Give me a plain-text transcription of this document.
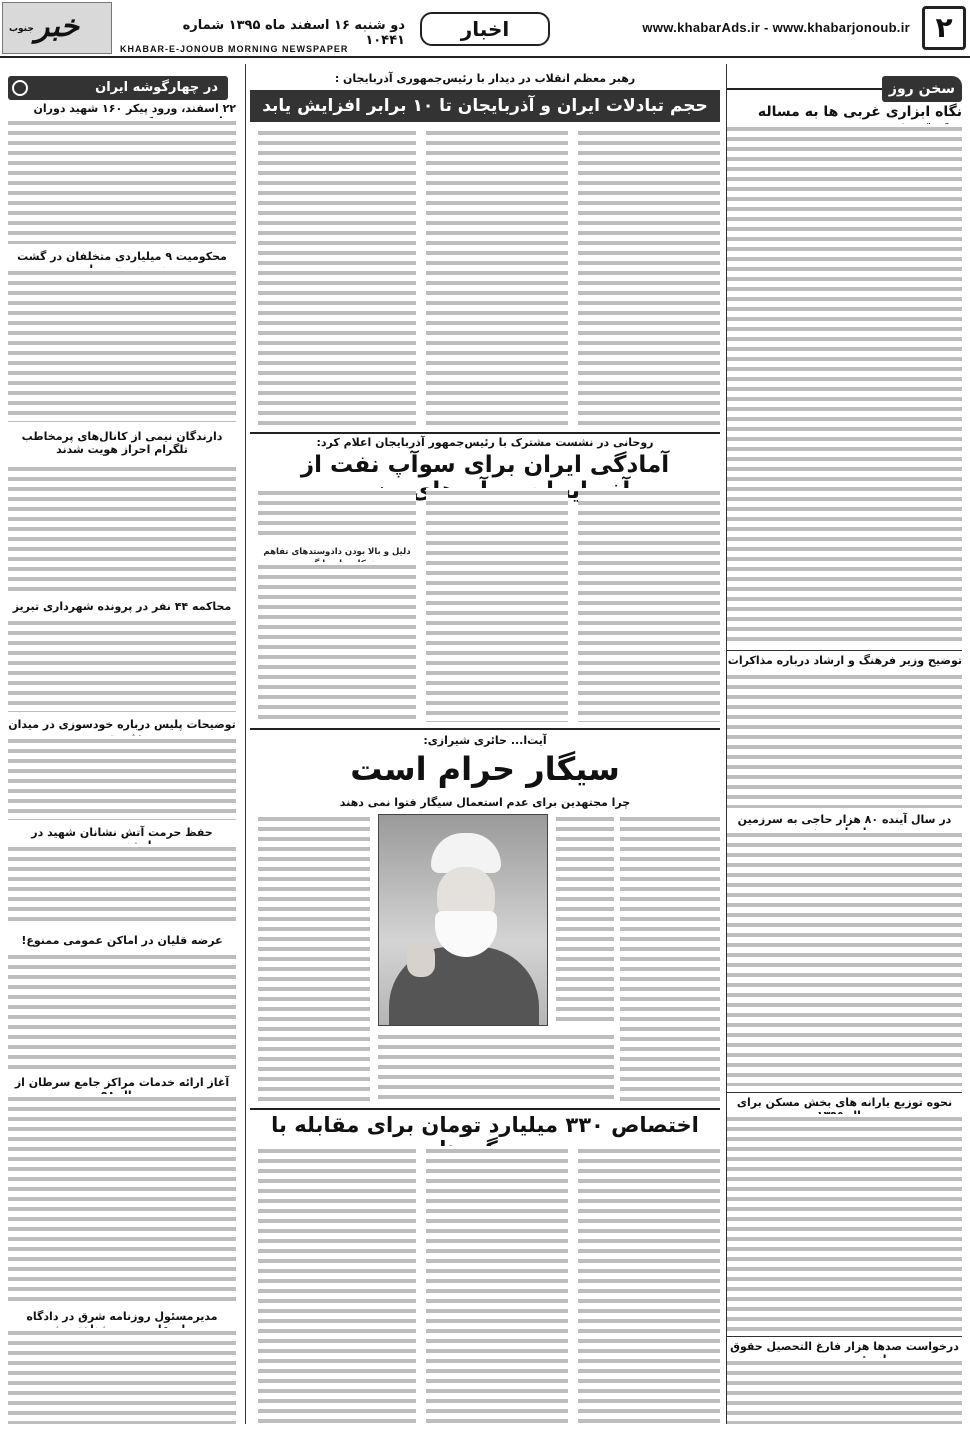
۲
www.khabarAds.ir - www.khabarjonoub.ir
اخبار
دو شنبه ۱۶ اسفند ماه ۱۳۹۵ شماره ۱۰۴۴۱
جنوب خبر
KHABAR-E-JONOUB MORNING NEWSPAPER
سخن روز
نگاه ابزاری غربی ها به مساله
توضیح وزیر فرهنگ و ارشاد درباره مذاکرات
در سال آینده ۸۰ هزار حاجی به سرزمین
نحوه توزیع یارانه های بخش مسکن برای
درخواست صدها هزار فارغ التحصیل حقوق
در چهارگوشه ایران
۲۲ اسفند، ورود پیکر ۱۶۰ شهید دوران
محکومیت ۹ میلیاردی متخلفان در گشت
دارندگان نیمی از کانال‌های پرمخاطب تلگرام احراز هویت شدند
محاکمه ۴۴ نفر در پرونده شهرداری تبریز
توضیحات پلیس درباره خودسوزی در میدان
حفظ حرمت آتش نشانان شهید در
عرضه قلیان در اماکن عمومی ممنوع!
آغاز ارائه خدمات مراکز جامع سرطان از
مدیرمسئول روزنامه شرق در دادگاه
رهبر معظم انقلاب در دیدار با رئیس‌جمهوری آذربایجان :
حجم تبادلات ایران و آذربایجان تا ۱۰ برابر افزایش یابد
روحانی در نشست مشترک با رئیس‌جمهور آذربایجان اعلام کرد:
آمادگی ایران برای سوآپ نفت از
دلیل و بالا بودن داد‌وستد‌های تفاهم
آیت‌ا... حائری شیرازی:
سیگار حرام است
چرا مجتهدین برای عدم استعمال سیگار فتوا نمی دهند
اختصاص ۳۳۰ میلیارد تومان برای مقابله با
